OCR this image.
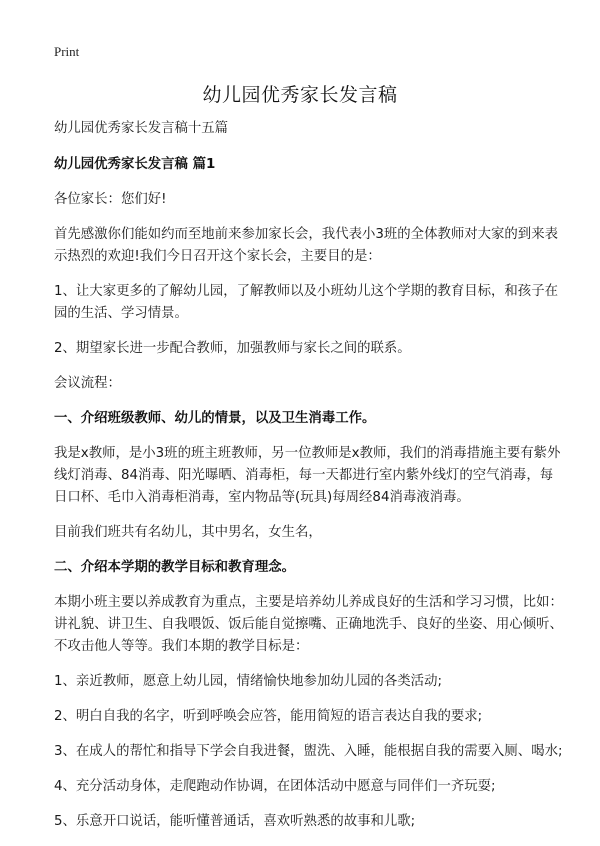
Print
幼儿园优秀家长发言稿

幼儿园优秀家长发言稿十五篇

幼儿园优秀家长发言稿 篇1

各位家长：您们好!

首先感激你们能如约而至地前来参加家长会，我代表小3班的全体教师对大家的到来表示热烈的欢迎!我们今日召开这个家长会，主要目的是：

1、让大家更多的了解幼儿园，了解教师以及小班幼儿这个学期的教育目标，和孩子在园的生活、学习情景。

2、期望家长进一步配合教师，加强教师与家长之间的联系。

会议流程：

一、介绍班级教师、幼儿的情景，以及卫生消毒工作。

我是x教师，是小3班的班主班教师，另一位教师是x教师，我们的消毒措施主要有紫外线灯消毒、84消毒、阳光曝晒、消毒柜，每一天都进行室内紫外线灯的空气消毒，每日口杯、毛巾入消毒柜消毒，室内物品等(玩具)每周经84消毒液消毒。

目前我们班共有名幼儿，其中男名，女生名，

二、介绍本学期的教学目标和教育理念。

本期小班主要以养成教育为重点，主要是培养幼儿养成良好的生活和学习习惯，比如：讲礼貌、讲卫生、自我喂饭、饭后能自觉擦嘴、正确地洗手、良好的坐姿、用心倾听、不攻击他人等等。我们本期的教学目标是：

1、亲近教师，愿意上幼儿园，情绪愉快地参加幼儿园的各类活动;

2、明白自我的名字，听到呼唤会应答，能用简短的语言表达自我的要求;

3、在成人的帮忙和指导下学会自我进餐，盥洗、入睡，能根据自我的需要入厕、喝水;

4、充分活动身体，走爬跑动作协调，在团体活动中愿意与同伴们一齐玩耍;

5、乐意开口说话，能听懂普通话，喜欢听熟悉的故事和儿歌;
